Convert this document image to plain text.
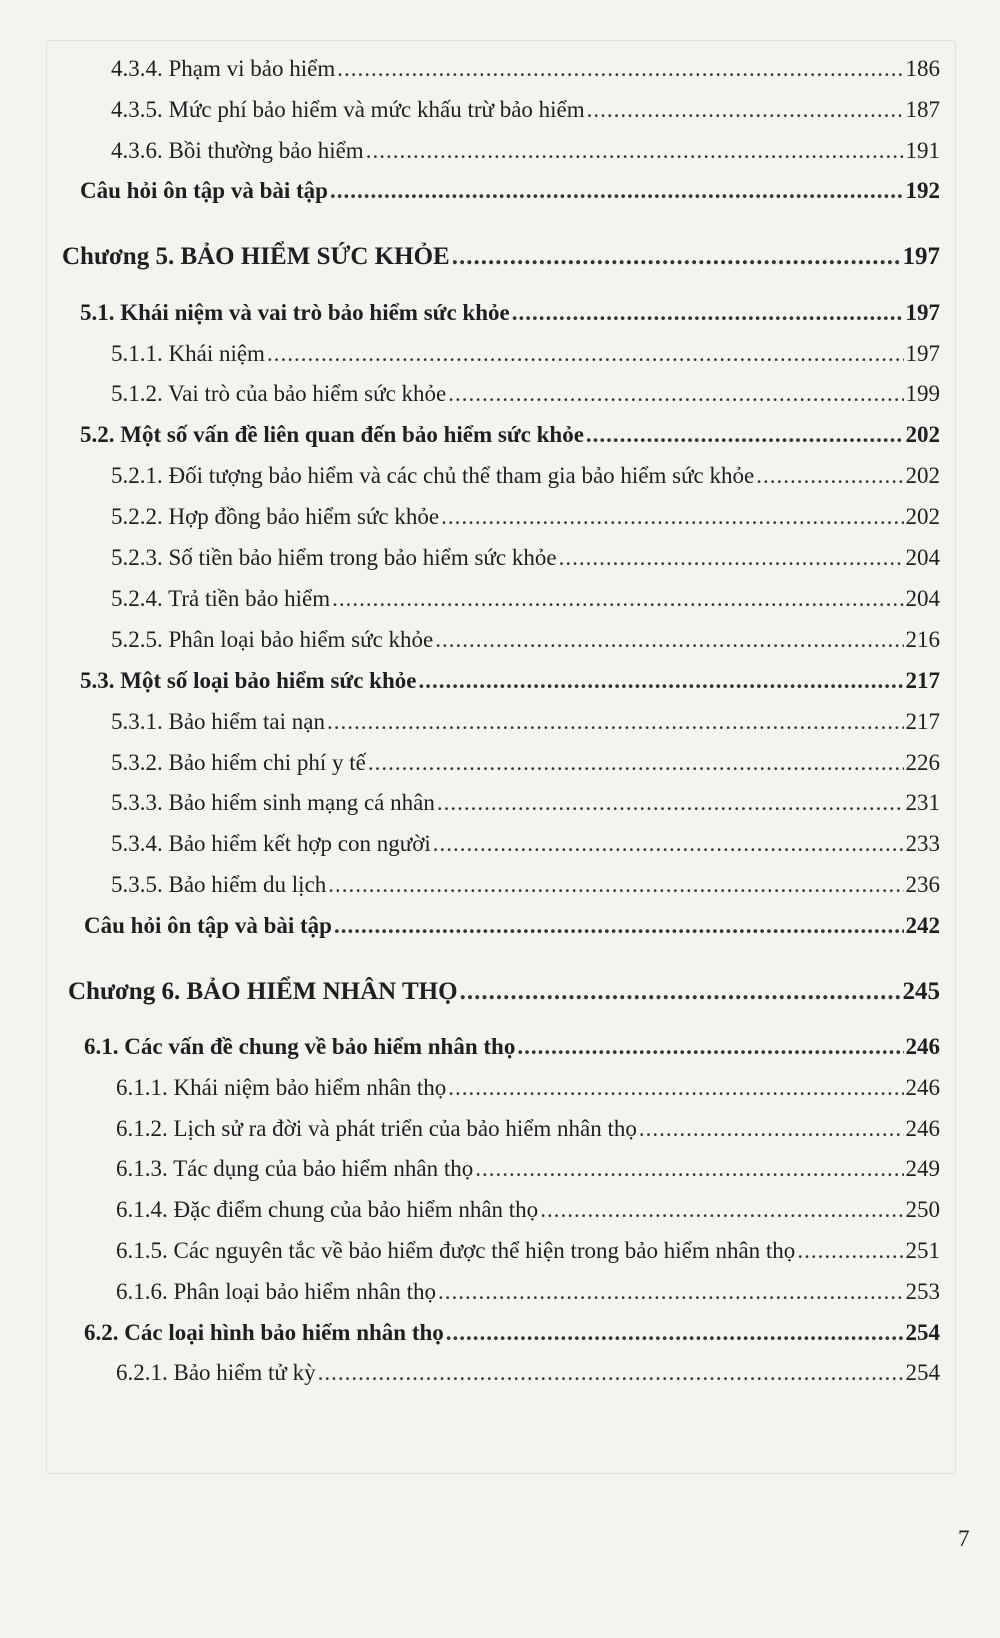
4.3.4. Phạm vi bảo hiểm .....	186
4.3.5. Mức phí bảo hiểm và mức khấu trừ bảo hiểm .....	187
4.3.6. Bồi thường bảo hiểm .....	191
Câu hỏi ôn tập và bài tập .....	192
Chương 5. BẢO HIỂM SỨC KHỎE .....	197
5.1. Khái niệm và vai trò bảo hiểm sức khỏe .....	197
5.1.1. Khái niệm .....	197
5.1.2. Vai trò của bảo hiểm sức khỏe .....	199
5.2. Một số vấn đề liên quan đến bảo hiểm sức khỏe .....	202
5.2.1. Đối tượng bảo hiểm và các chủ thể tham gia bảo hiểm sức khỏe .....	202
5.2.2. Hợp đồng bảo hiểm sức khỏe .....	202
5.2.3. Số tiền bảo hiểm trong bảo hiểm sức khỏe .....	204
5.2.4. Trả tiền bảo hiểm .....	204
5.2.5. Phân loại bảo hiểm sức khỏe .....	216
5.3. Một số loại bảo hiểm sức khỏe .....	217
5.3.1. Bảo hiểm tai nạn .....	217
5.3.2. Bảo hiểm chi phí y tế .....	226
5.3.3. Bảo hiểm sinh mạng cá nhân .....	231
5.3.4. Bảo hiểm kết hợp con người .....	233
5.3.5. Bảo hiểm du lịch .....	236
Câu hỏi ôn tập và bài tập .....	242
Chương 6. BẢO HIỂM NHÂN THỌ .....	245
6.1. Các vấn đề chung về bảo hiểm nhân thọ .....	246
6.1.1. Khái niệm bảo hiểm nhân thọ .....	246
6.1.2. Lịch sử ra đời và phát triển của bảo hiểm nhân thọ .....	246
6.1.3. Tác dụng của bảo hiểm nhân thọ .....	249
6.1.4. Đặc điểm chung của bảo hiểm nhân thọ .....	250
6.1.5. Các nguyên tắc về bảo hiểm được thể hiện trong bảo hiểm nhân thọ .....	251
6.1.6. Phân loại bảo hiểm nhân thọ .....	253
6.2. Các loại hình bảo hiểm nhân thọ .....	254
6.2.1. Bảo hiểm tử kỳ .....	254
7
